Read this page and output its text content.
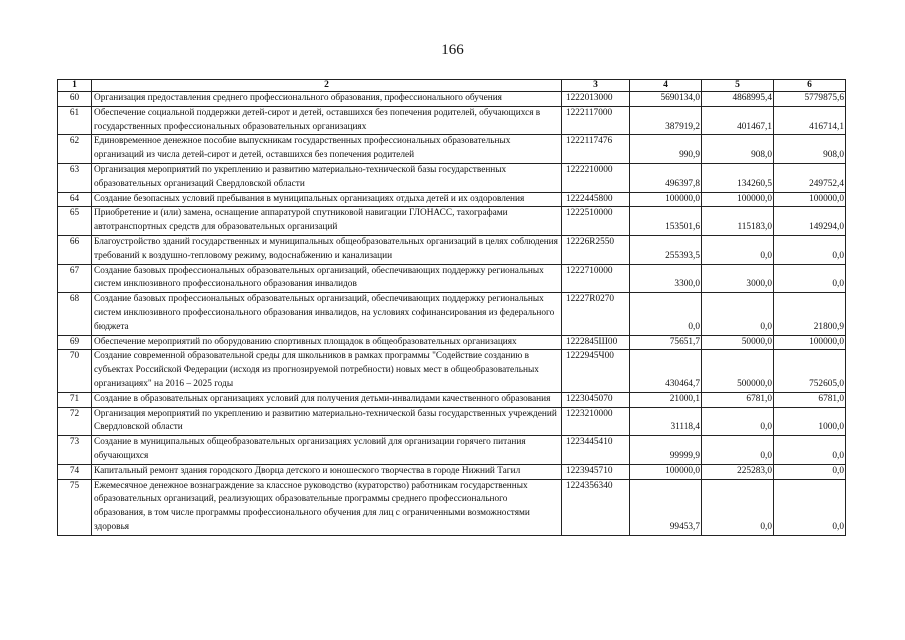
166
1	2	3	4	5	6
60	Организация предоставления среднего профессионального образования, профессионального обучения	1222013000	5690134,0	4868995,4	5779875,6
61	Обеспечение социальной поддержки детей-сирот и детей, оставшихся без попечения родителей, обучающихся в государственных профессиональных образовательных организациях	1222117000	387919,2	401467,1	416714,1
62	Единовременное денежное пособие выпускникам государственных профессиональных образовательных организаций из числа детей-сирот и детей, оставшихся без попечения родителей	1222117476	990,9	908,0	908,0
63	Организация мероприятий по укреплению и развитию материально-технической базы государственных образовательных организаций Свердловской области	1222210000	496397,8	134260,5	249752,4
64	Создание безопасных условий пребывания в муниципальных организациях отдыха детей и их оздоровления	1222445800	100000,0	100000,0	100000,0
65	Приобретение и (или) замена, оснащение аппаратурой спутниковой навигации ГЛОНАСС, тахографами автотранспортных средств для образовательных организаций	1222510000	153501,6	115183,0	149294,0
66	Благоустройство зданий государственных и муниципальных общеобразовательных организаций в целях соблюдения требований к воздушно-тепловому режиму, водоснабжению и канализации	12226R2550	255393,5	0,0	0,0
67	Создание базовых профессиональных образовательных организаций, обеспечивающих поддержку региональных систем инклюзивного профессионального образования инвалидов	1222710000	3300,0	3000,0	0,0
68	Создание базовых профессиональных образовательных организаций, обеспечивающих поддержку региональных систем инклюзивного профессионального образования инвалидов, на условиях софинансирования из федерального бюджета	12227R0270	0,0	0,0	21800,9
69	Обеспечение мероприятий по оборудованию спортивных площадок в общеобразовательных организациях	1222845Ш00	75651,7	50000,0	100000,0
70	Создание современной образовательной среды для школьников в рамках программы "Содействие созданию в субъектах Российской Федерации (исходя из прогнозируемой потребности) новых мест в общеобразовательных организациях" на 2016 – 2025 годы	1222945Ч00	430464,7	500000,0	752605,0
71	Создание в образовательных организациях условий для получения детьми-инвалидами качественного образования	1223045070	21000,1	6781,0	6781,0
72	Организация мероприятий по укреплению и развитию материально-технической базы государственных учреждений Свердловской области	1223210000	31118,4	0,0	1000,0
73	Создание в муниципальных общеобразовательных организациях условий для организации горячего питания обучающихся	1223445410	99999,9	0,0	0,0
74	Капитальный ремонт здания городского Дворца детского и юношеского творчества в городе Нижний Тагил	1223945710	100000,0	225283,0	0,0
75	Ежемесячное денежное вознаграждение за классное руководство (кураторство) работникам государственных образовательных организаций, реализующих образовательные программы среднего профессионального образования, в том числе программы профессионального обучения для лиц с ограниченными возможностями здоровья	1224356340	99453,7	0,0	0,0
